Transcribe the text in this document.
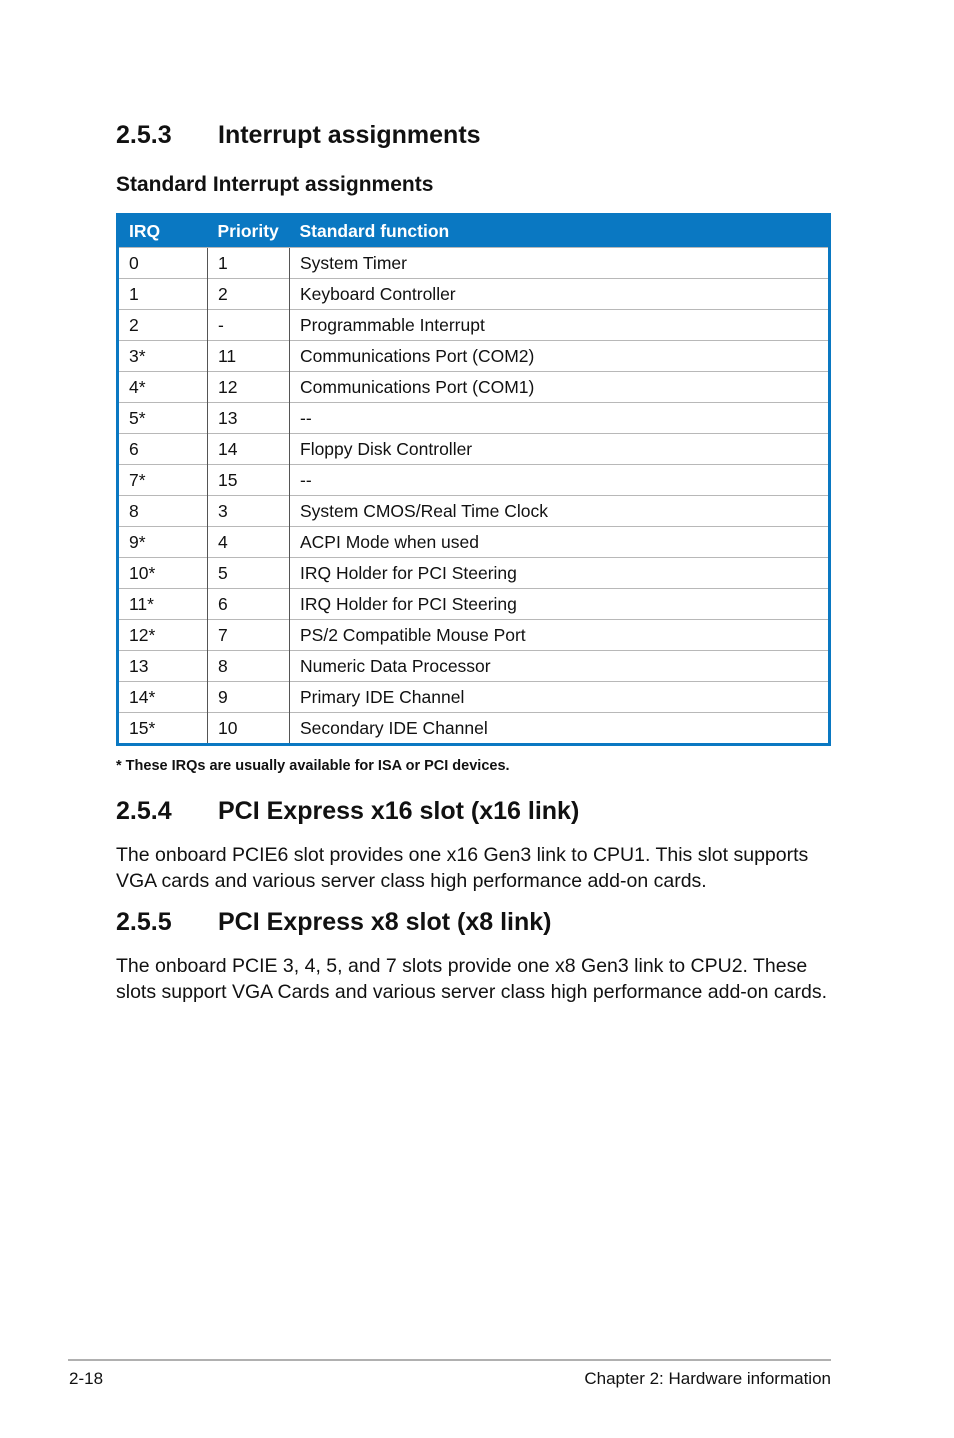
2.5.3 Interrupt assignments
Standard Interrupt assignments
IRQ	Priority	Standard function
0	1	System Timer
1	2	Keyboard Controller
2	-	Programmable Interrupt
3*	11	Communications Port (COM2)
4*	12	Communications Port (COM1)
5*	13	--
6	14	Floppy Disk Controller
7*	15	--
8	3	System CMOS/Real Time Clock
9*	4	ACPI Mode when used
10*	5	IRQ Holder for PCI Steering
11*	6	IRQ Holder for PCI Steering
12*	7	PS/2 Compatible Mouse Port
13	8	Numeric Data Processor
14*	9	Primary IDE Channel
15*	10	Secondary IDE Channel
* These IRQs are usually available for ISA or PCI devices.
2.5.4 PCI Express x16 slot (x16 link)

The onboard PCIE6 slot provides one x16 Gen3 link to CPU1. This slot supports VGA cards and various server class high performance add-on cards.

2.5.5 PCI Express x8 slot (x8 link)

The onboard PCIE 3, 4, 5, and 7 slots provide one x8 Gen3 link to CPU2. These slots support VGA Cards and various server class high performance add-on cards.

2-18	Chapter 2: Hardware information
